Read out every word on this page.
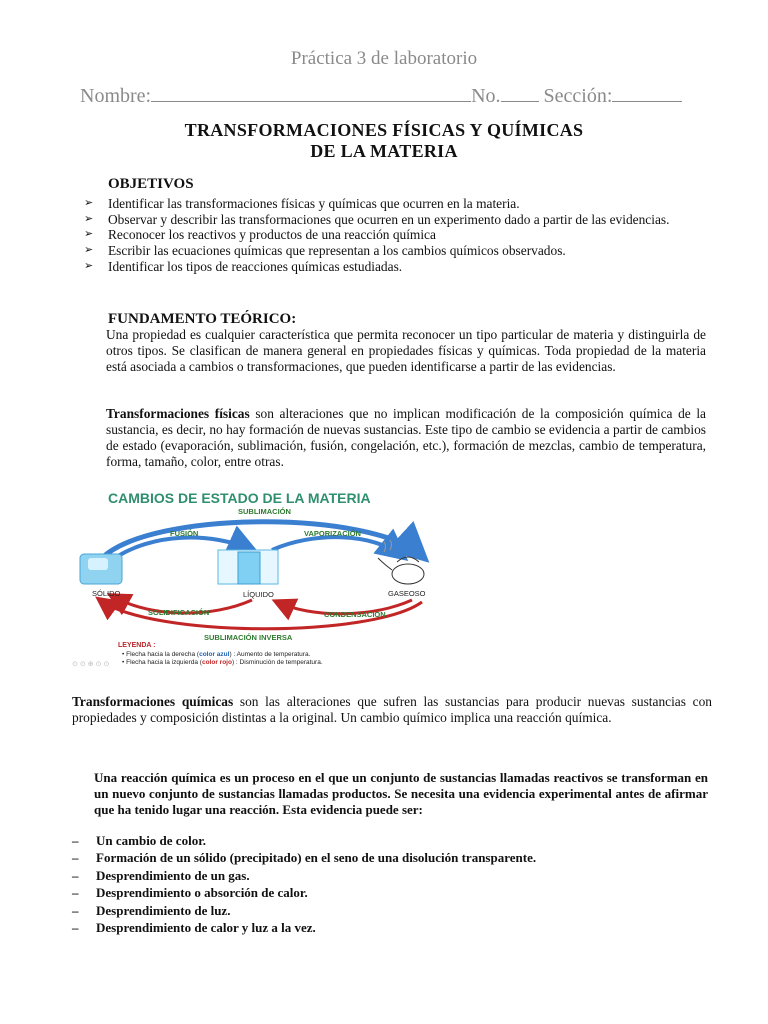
Práctica 3 de laboratorio
Nombre:	No. Sección:
TRANSFORMACIONES FÍSICAS Y QUÍMICAS
DE LA MATERIA
OBJETIVOS
➢ Identificar las transformaciones físicas y químicas que ocurren en la materia.
➢ Observar y describir las transformaciones que ocurren en un experimento dado a partir de las evidencias.
➢ Reconocer los reactivos y productos de una reacción química
➢ Escribir las ecuaciones químicas que representan a los cambios químicos observados.
➢ Identificar los tipos de reacciones químicas estudiadas.
FUNDAMENTO TEÓRICO:
Una propiedad es cualquier característica que permita reconocer un tipo particular de materia y distinguirla de otros tipos. Se clasifican de manera general en propiedades físicas y químicas. Toda propiedad de la materia está asociada a cambios o transformaciones, que pueden identificarse a partir de las evidencias.
Transformaciones físicas son alteraciones que no implican modificación de la composición química de la sustancia, es decir, no hay formación de nuevas sustancias. Este tipo de cambio se evidencia a partir de cambios de estado (evaporación, sublimación, fusión, congelación, etc.), formación de mezclas, cambio de temperatura, forma, tamaño, color, entre otras.
CAMBIOS DE ESTADO DE LA MATERIA
SUBLIMACIÓN
FUSIÓN	VAPORIZACIÓN
SÓLIDO	LÍQUIDO	GASEOSO
SOLIDIFICACIÓN	CONDENSACIÓN
SUBLIMACIÓN INVERSA
LEYENDA :
• Flecha hacia la derecha (color azul) : Aumento de temperatura.
• Flecha hacia la izquierda (color rojo) : Disminución de temperatura.
⊙⊙⊕⊙⊙
Transformaciones químicas son las alteraciones que sufren las sustancias para producir nuevas sustancias con propiedades y composición distintas a la original. Un cambio químico implica una reacción química.
Una reacción química es un proceso en el que un conjunto de sustancias llamadas reactivos se transforman en un nuevo conjunto de sustancias llamadas productos. Se necesita una evidencia experimental antes de afirmar que ha tenido lugar una reacción. Esta evidencia puede ser:
– Un cambio de color.
– Formación de un sólido (precipitado) en el seno de una disolución transparente.
– Desprendimiento de un gas.
– Desprendimiento o absorción de calor.
– Desprendimiento de luz.
– Desprendimiento de calor y luz a la vez.
